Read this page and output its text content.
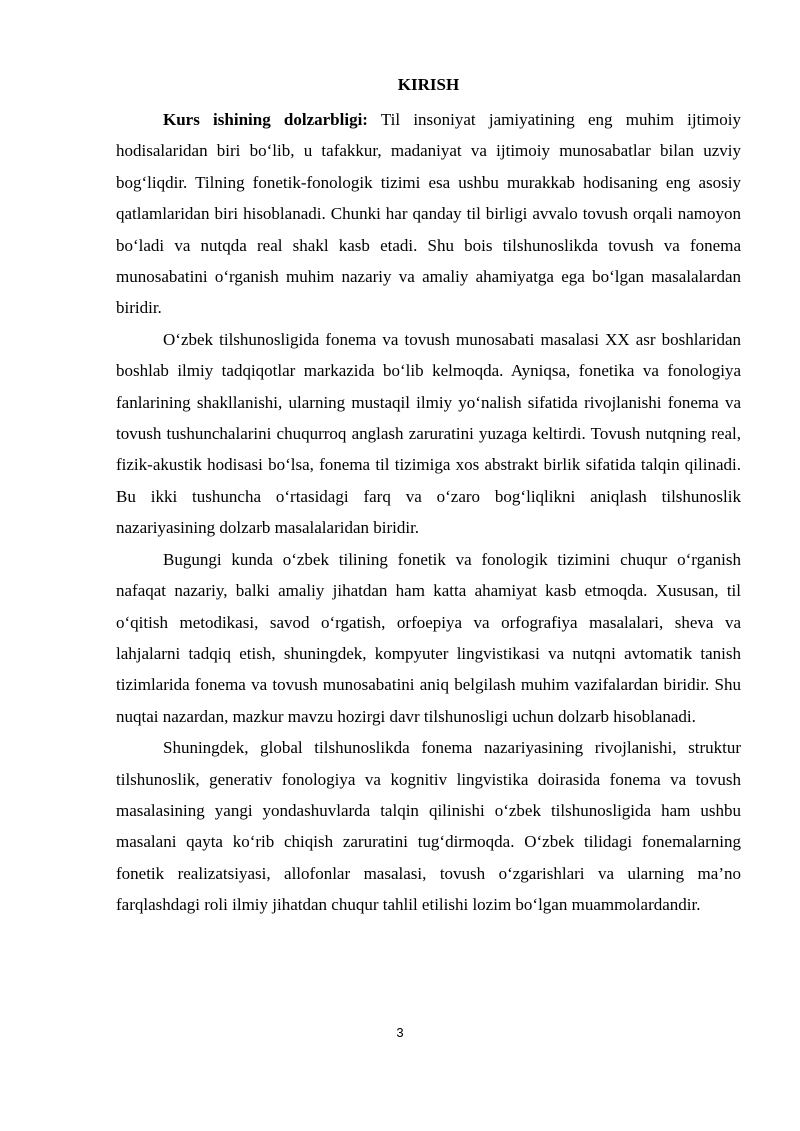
KIRISH

Kurs ishining dolzarbligi: Til insoniyat jamiyatining eng muhim ijtimoiy hodisalaridan biri bo‘lib, u tafakkur, madaniyat va ijtimoiy munosabatlar bilan uzviy bog‘liqdir. Tilning fonetik-fonologik tizimi esa ushbu murakkab hodisaning eng asosiy qatlamlaridan biri hisoblanadi. Chunki har qanday til birligi avvalo tovush orqali namoyon bo‘ladi va nutqda real shakl kasb etadi. Shu bois tilshunoslikda tovush va fonema munosabatini o‘rganish muhim nazariy va amaliy ahamiyatga ega bo‘lgan masalalardan biridir.

O‘zbek tilshunosligida fonema va tovush munosabati masalasi XX asr boshlaridan boshlab ilmiy tadqiqotlar markazida bo‘lib kelmoqda. Ayniqsa, fonetika va fonologiya fanlarining shakllanishi, ularning mustaqil ilmiy yo‘nalish sifatida rivojlanishi fonema va tovush tushunchalarini chuqurroq anglash zaruratini yuzaga keltirdi. Tovush nutqning real, fizik-akustik hodisasi bo‘lsa, fonema til tizimiga xos abstrakt birlik sifatida talqin qilinadi. Bu ikki tushuncha o‘rtasidagi farq va o‘zaro bog‘liqlikni aniqlash tilshunoslik nazariyasining dolzarb masalalaridan biridir.

Bugungi kunda o‘zbek tilining fonetik va fonologik tizimini chuqur o‘rganish nafaqat nazariy, balki amaliy jihatdan ham katta ahamiyat kasb etmoqda. Xususan, til o‘qitish metodikasi, savod o‘rgatish, orfoepiya va orfografiya masalalari, sheva va lahjalarni tadqiq etish, shuningdek, kompyuter lingvistikasi va nutqni avtomatik tanish tizimlarida fonema va tovush munosabatini aniq belgilash muhim vazifalardan biridir. Shu nuqtai nazardan, mazkur mavzu hozirgi davr tilshunosligi uchun dolzarb hisoblanadi.

Shuningdek, global tilshunoslikda fonema nazariyasining rivojlanishi, struktur tilshunoslik, generativ fonologiya va kognitiv lingvistika doirasida fonema va tovush masalasining yangi yondashuvlarda talqin qilinishi o‘zbek tilshunosligida ham ushbu masalani qayta ko‘rib chiqish zaruratini tug‘dirmoqda. O‘zbek tilidagi fonemalarning fonetik realizatsiyasi, allofonlar masalasi, tovush o‘zgarishlari va ularning ma’no farqlashdagi roli ilmiy jihatdan chuqur tahlil etilishi lozim bo‘lgan muammolardandir.

3
